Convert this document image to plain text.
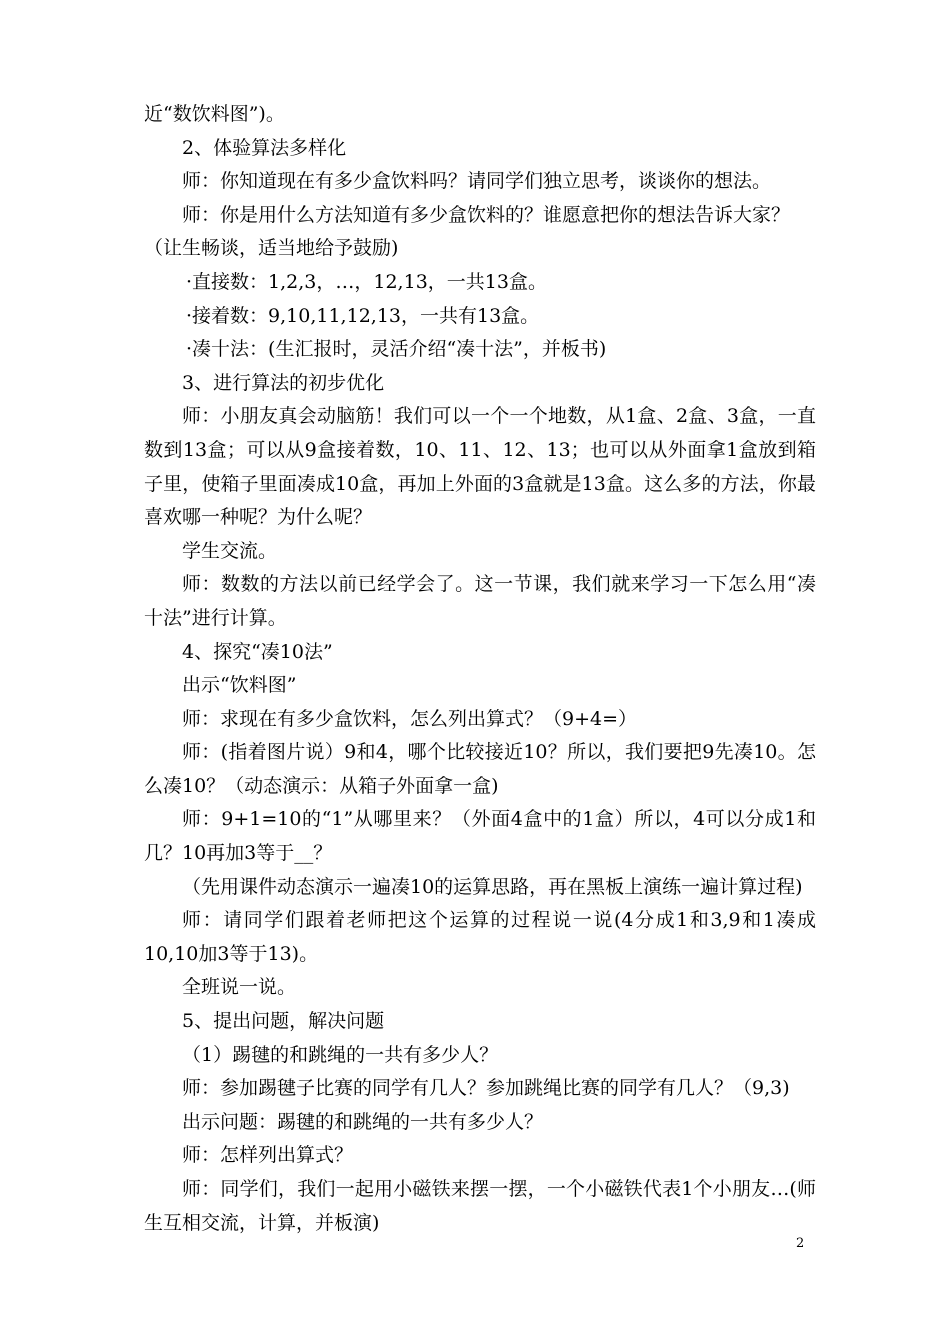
近“数饮料图”)。

2、体验算法多样化

师：你知道现在有多少盒饮料吗？请同学们独立思考，谈谈你的想法。

师：你是用什么方法知道有多少盒饮料的？谁愿意把你的想法告诉大家？

（让生畅谈，适当地给予鼓励)

·直接数：1,2,3，…，12,13，一共13盒。

·接着数：9,10,11,12,13，一共有13盒。

·凑十法：(生汇报时，灵活介绍“凑十法”，并板书)

3、进行算法的初步优化

师：小朋友真会动脑筋！我们可以一个一个地数，从1盒、2盒、3盒，一直数到13盒；可以从9盒接着数，10、11、12、13；也可以从外面拿1盒放到箱子里，使箱子里面凑成10盒，再加上外面的3盒就是13盒。这么多的方法，你最喜欢哪一种呢？为什么呢？

学生交流。

师：数数的方法以前已经学会了。这一节课，我们就来学习一下怎么用“凑十法”进行计算。

4、探究“凑10法”

出示“饮料图”

师：求现在有多少盒饮料，怎么列出算式？（9+4=）

师：(指着图片说）9和4，哪个比较接近10？所以，我们要把9先凑10。怎么凑10？（动态演示：从箱子外面拿一盒)

师：9+1=10的“1”从哪里来？（外面4盒中的1盒）所以，4可以分成1和几？10再加3等于__？

（先用课件动态演示一遍凑10的运算思路，再在黑板上演练一遍计算过程)

师：请同学们跟着老师把这个运算的过程说一说(4分成1和3,9和1凑成10,10加3等于13)。

全班说一说。

5、提出问题，解决问题

（1）踢毽的和跳绳的一共有多少人？

师：参加踢毽子比赛的同学有几人？参加跳绳比赛的同学有几人？（9,3)

出示问题：踢毽的和跳绳的一共有多少人？

师：怎样列出算式？

师：同学们，我们一起用小磁铁来摆一摆，一个小磁铁代表1个小朋友…(师生互相交流，计算，并板演)

2
